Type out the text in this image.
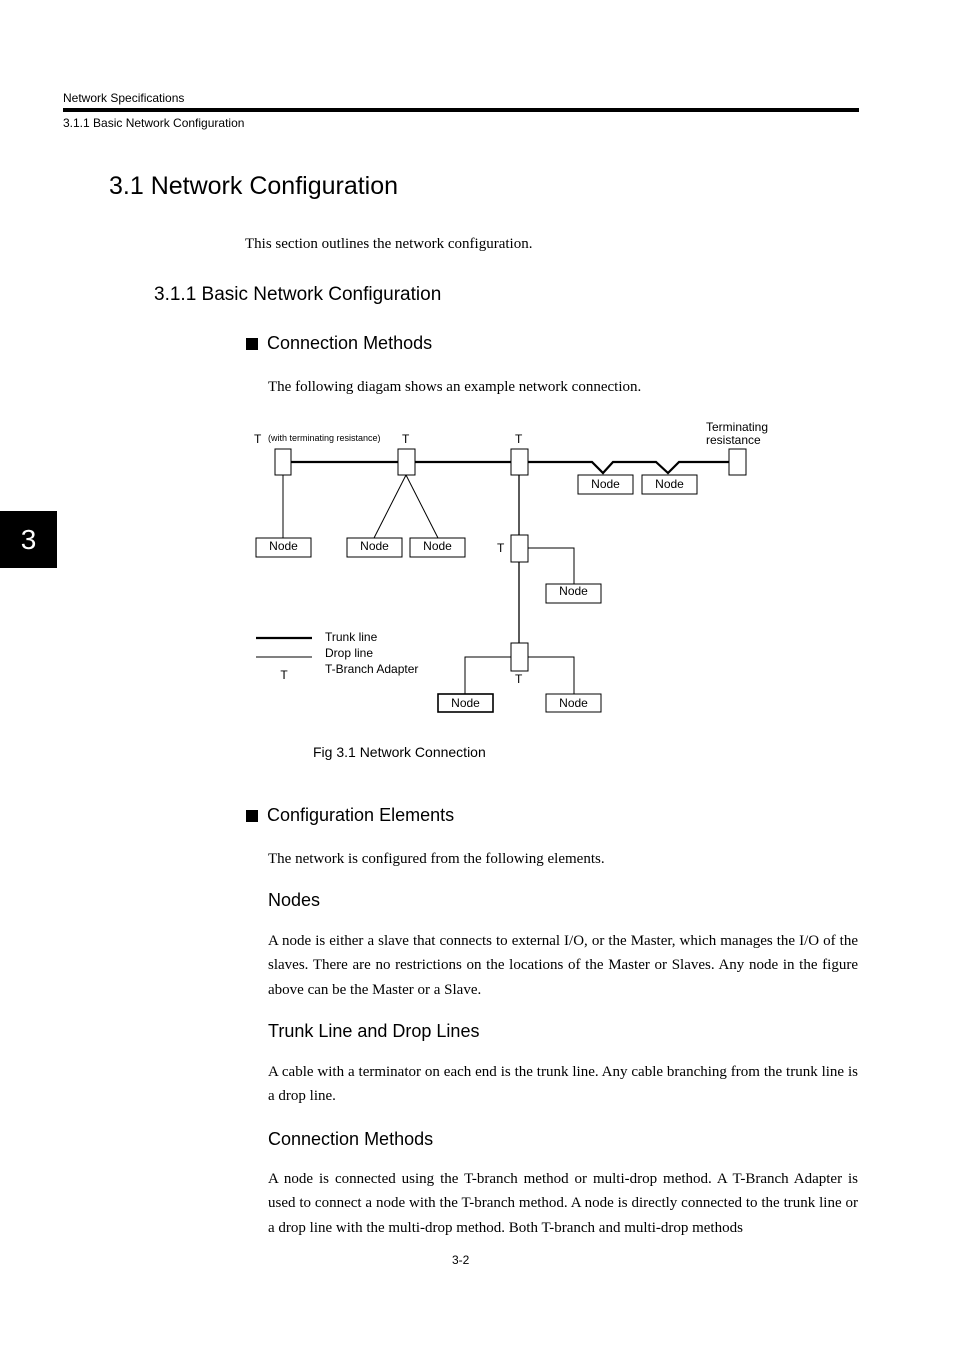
Network Specifications
3.1.1 Basic Network Configuration
3
3.1 Network Configuration
This section outlines the network configuration.
3.1.1 Basic Network Configuration
Connection Methods
The following diagam shows an example network connection.
T (with terminating resistance) T	T
Terminating
resistance
T
T
Node	Node
Node	Node	Node
Node
Node	Node
T
Trunk line
Drop line
T-Branch Adapter
Fig 3.1 Network Connection
Configuration Elements
The network is configured from the following elements.
Nodes
A node is either a slave that connects to external I/O, or the Master, which manages the I/O of the slaves. There are no restrictions on the locations of the Master or Slaves. Any node in the figure above can be the Master or a Slave.
Trunk Line and Drop Lines
A cable with a terminator on each end is the trunk line. Any cable branching from the trunk line is a drop line.
Connection Methods
A node is connected using the T-branch method or multi-drop method. A T-Branch Adapter is used to connect a node with the T-branch method. A node is directly connected to the trunk line or a drop line with the multi-drop method. Both T-branch and multi-drop methods
3-2
